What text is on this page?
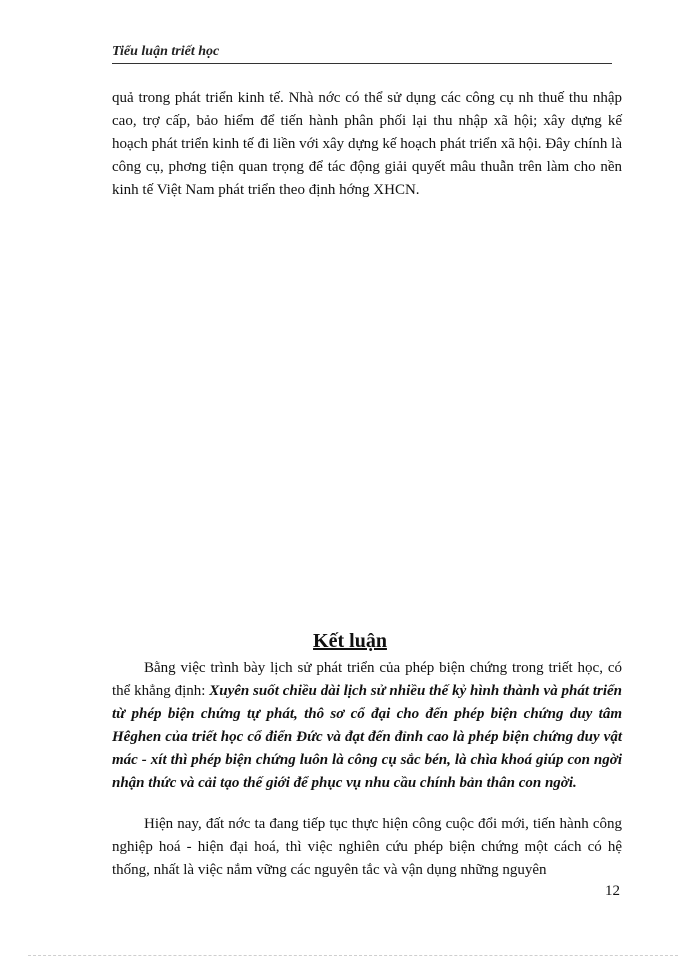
Tiểu luận triết học
quả trong phát triển kinh tế. Nhà nớc có thể sử dụng các công cụ nh thuế thu nhập cao, trợ cấp, bảo hiểm để tiến hành phân phối lại thu nhập xã hội; xây dựng kế hoạch phát triển kinh tế đi liền với xây dựng kế hoạch phát triển xã hội. Đây chính là công cụ, phơng tiện quan trọng để tác động giải quyết mâu thuẫn trên làm cho nền kinh tế Việt Nam phát triển theo định hớng XHCN.
Kết luận
Bằng việc trình bày lịch sử phát triển của phép biện chứng trong triết học, có thể khẳng định: Xuyên suốt chiều dài lịch sử nhiều thế kỷ hình thành và phát triển từ phép biện chứng tự phát, thô sơ cổ đại cho đến phép biện chứng duy tâm Hêghen của triết học cổ điển Đức và đạt đến đỉnh cao là phép biện chứng duy vật mác - xít thì phép biện chứng luôn là công cụ sắc bén, là chìa khoá giúp con ngời nhận thức và cải tạo thế giới để phục vụ nhu cầu chính bản thân con ngời.
Hiện nay, đất nớc ta đang tiếp tục thực hiện công cuộc đổi mới, tiến hành công nghiệp hoá - hiện đại hoá, thì việc nghiên cứu phép biện chứng một cách có hệ thống, nhất là việc nắm vững các nguyên tắc và vận dụng những nguyên
12
